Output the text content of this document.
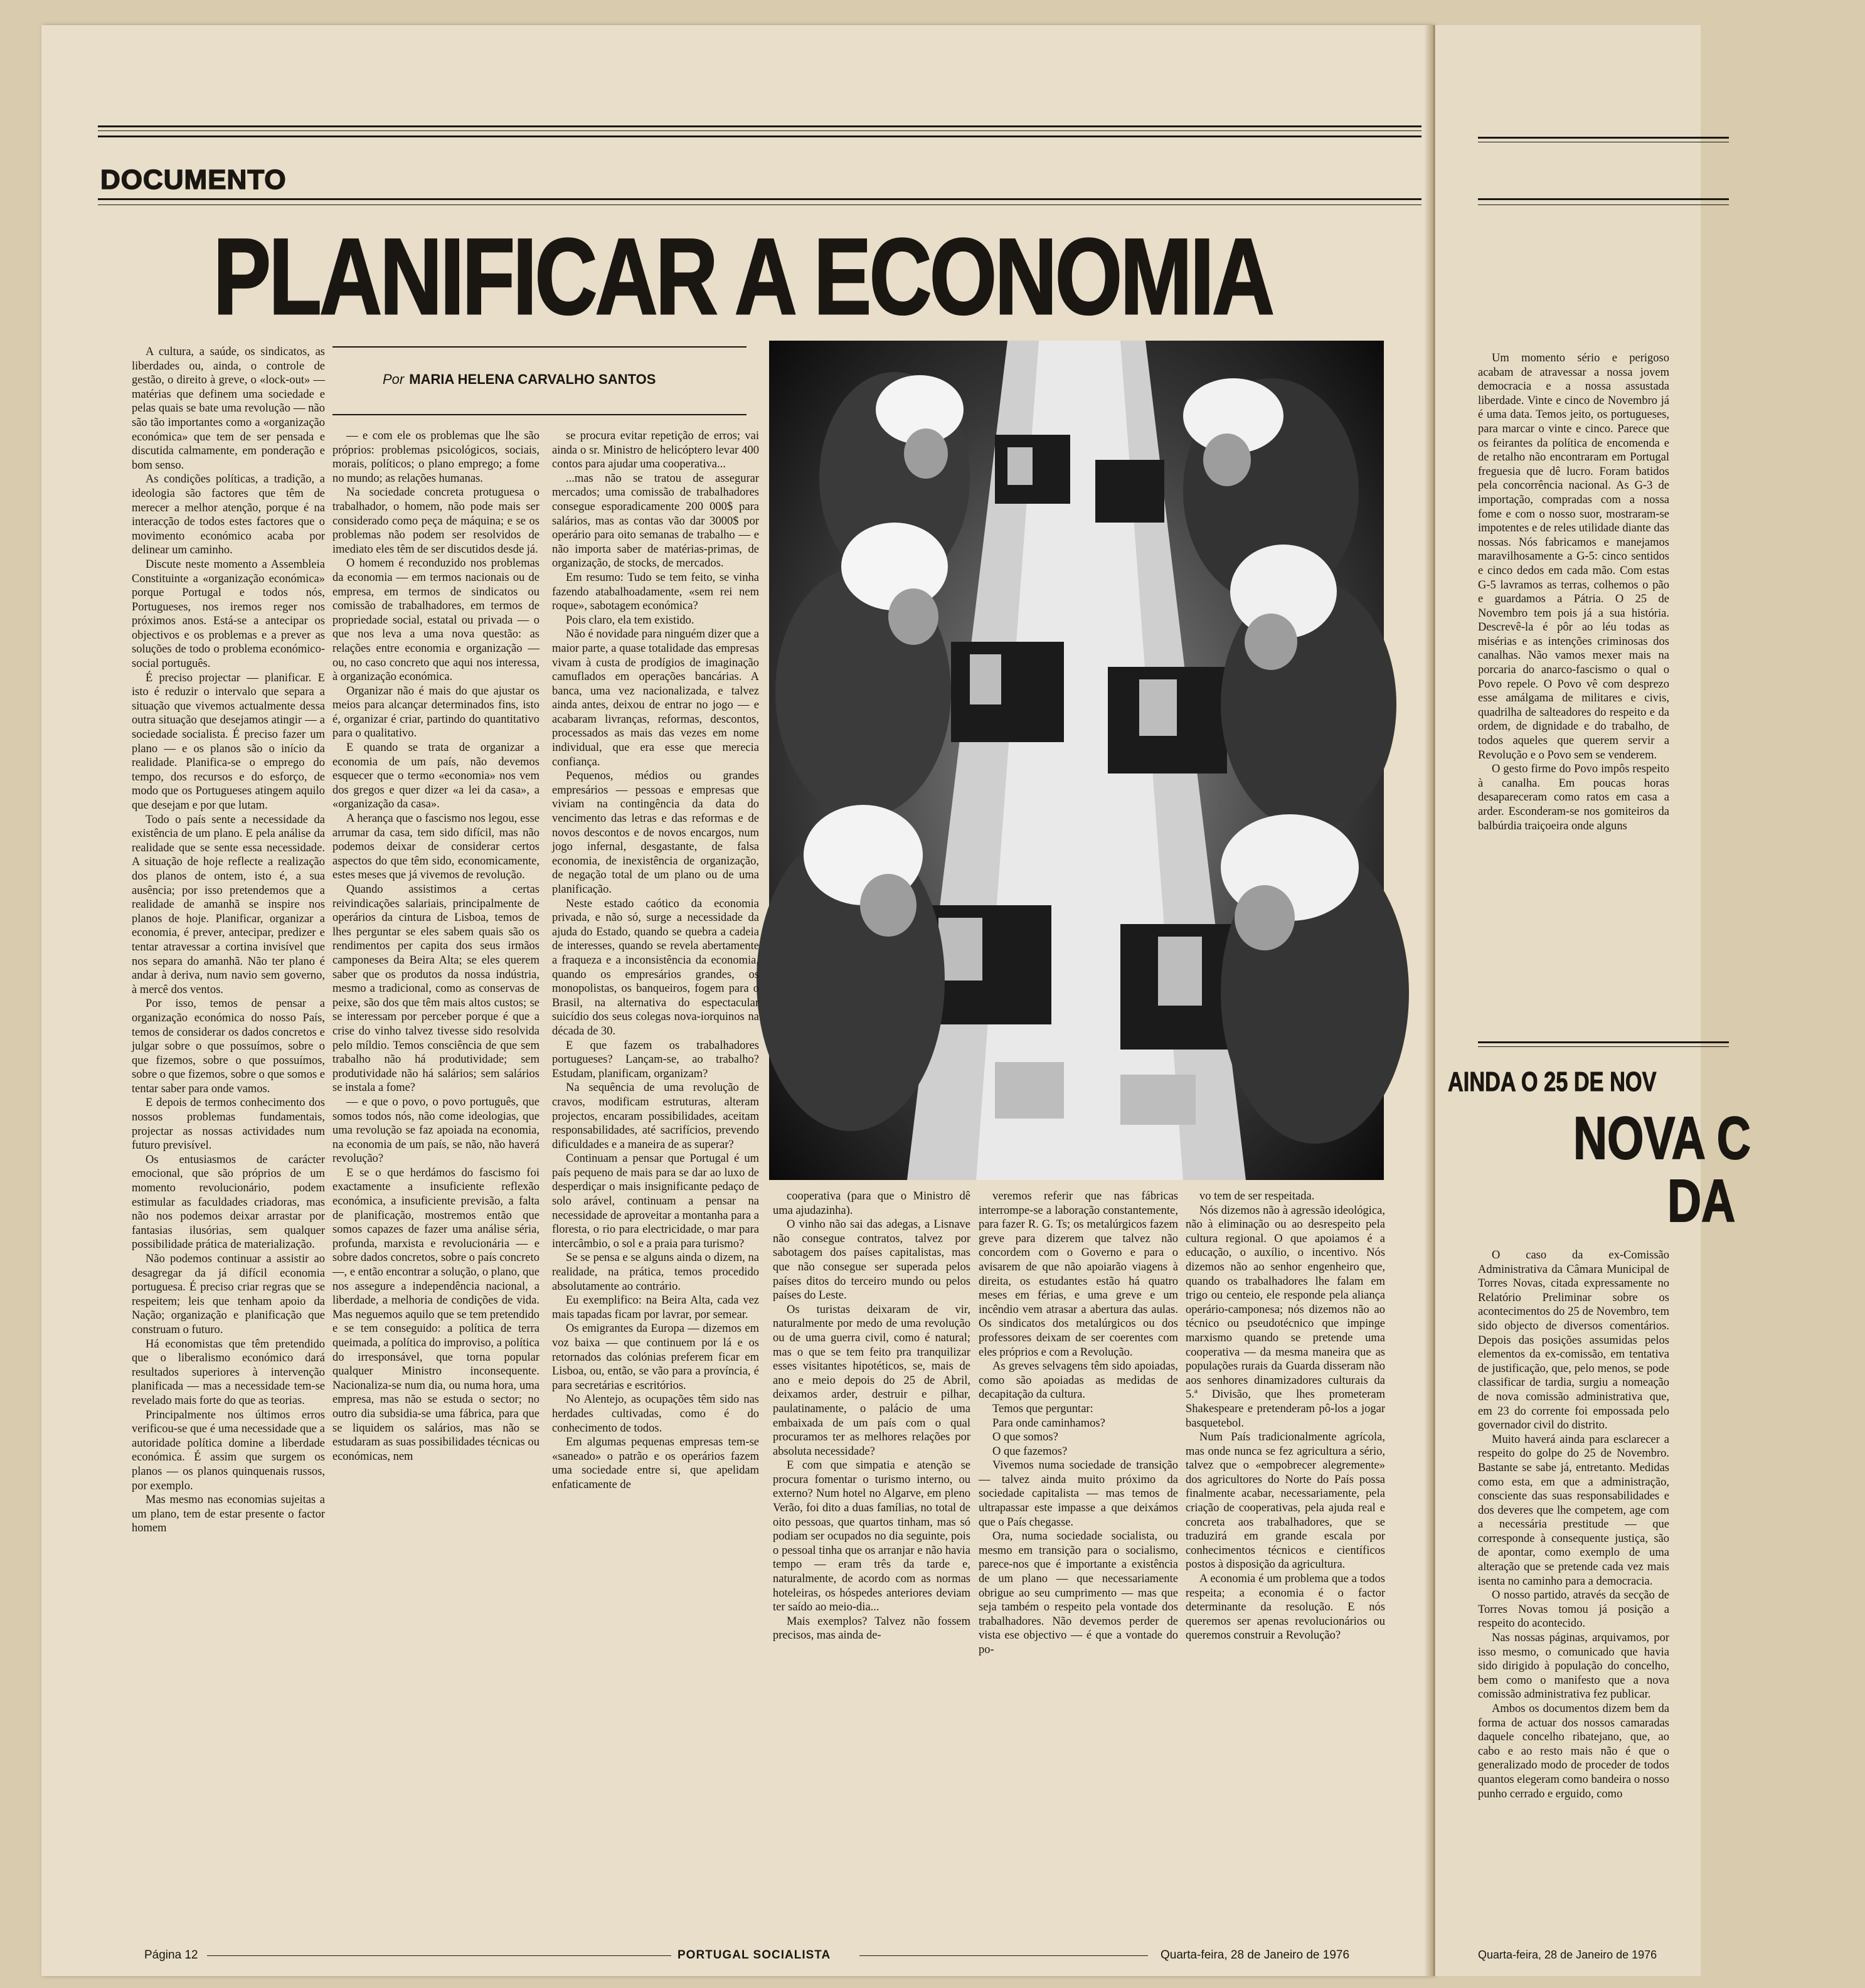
DOCUMENTO
PLANIFICAR A ECONOMIA
Por MARIA HELENA CARVALHO SANTOS

A cultura, a saúde, os sindicatos, as liberdades ou, ainda, o controle de gestão, o direito à greve, o «lock-out» — matérias que definem uma sociedade e pelas quais se bate uma revolução — não são tão importantes como a «organização económica» que tem de ser pensada e discutida calmamente, em ponderação e bom senso.

As condições políticas, a tradição, a ideologia são factores que têm de merecer a melhor atenção, porque é na interacção de todos estes factores que o movimento económico acaba por delinear um caminho.

Discute neste momento a Assembleia Constituinte a «organização económica» porque Portugal e todos nós, Portugueses, nos iremos reger nos próximos anos. Está-se a antecipar os objectivos e os problemas e a prever as soluções de todo o problema económico-social português.

É preciso projectar — planificar. E isto é reduzir o intervalo que separa a situação que vivemos actualmente dessa outra situação que desejamos atingir — a sociedade socialista. É preciso fazer um plano — e os planos são o início da realidade. Planifica-se o emprego do tempo, dos recursos e do esforço, de modo que os Portugueses atingem aquilo que desejam e por que lutam.

Todo o país sente a necessidade da existência de um plano. E pela análise da realidade que se sente essa necessidade. A situação de hoje reflecte a realização dos planos de ontem, isto é, a sua ausência; por isso pretendemos que a realidade de amanhã se inspire nos planos de hoje. Planificar, organizar a economia, é prever, antecipar, predizer e tentar atravessar a cortina invisível que nos separa do amanhã. Não ter plano é andar à deriva, num navio sem governo, à mercê dos ventos.

Por isso, temos de pensar a organização económica do nosso País, temos de considerar os dados concretos e julgar sobre o que possuímos, sobre o que fizemos, sobre o que possuímos, sobre o que fizemos, sobre o que somos e tentar saber para onde vamos.

E depois de termos conhecimento dos nossos problemas fundamentais, projectar as nossas actividades num futuro previsível.

Os entusiasmos de carácter emocional, que são próprios de um momento revolucionário, podem estimular as faculdades criadoras, mas não nos podemos deixar arrastar por fantasias ilusórias, sem qualquer possibilidade prática de materialização.

Não podemos continuar a assistir ao desagregar da já difícil economia portuguesa. É preciso criar regras que se respeitem; leis que tenham apoio da Nação; organização e planificação que construam o futuro.

Há economistas que têm pretendido que o liberalismo económico dará resultados superiores à intervenção planificada — mas a necessidade tem-se revelado mais forte do que as teorias.

Principalmente nos últimos erros verificou-se que é uma necessidade que a autoridade política domine a liberdade económica. É assim que surgem os planos — os planos quinquenais russos, por exemplo.

Mas mesmo nas economias sujeitas a um plano, tem de estar presente o factor homem

— e com ele os problemas que lhe são próprios: problemas psicológicos, sociais, morais, políticos; o plano emprego; a fome no mundo; as relações humanas.

Na sociedade concreta protuguesa o trabalhador, o homem, não pode mais ser considerado como peça de máquina; e se os problemas não podem ser resolvidos de imediato eles têm de ser discutidos desde já.

O homem é reconduzido nos problemas da economia — em termos nacionais ou de empresa, em termos de sindicatos ou comissão de trabalhadores, em termos de propriedade social, estatal ou privada — o que nos leva a uma nova questão: as relações entre economia e organização — ou, no caso concreto que aqui nos interessa, à organização económica.

Organizar não é mais do que ajustar os meios para alcançar determinados fins, isto é, organizar é criar, partindo do quantitativo para o qualitativo.

E quando se trata de organizar a economia de um país, não devemos esquecer que o termo «economia» nos vem dos gregos e quer dizer «a lei da casa», a «organização da casa».

A herança que o fascismo nos legou, esse arrumar da casa, tem sido difícil, mas não podemos deixar de considerar certos aspectos do que têm sido, economicamente, estes meses que já vivemos de revolução.

Quando assistimos a certas reivindicações salariais, principalmente de operários da cintura de Lisboa, temos de lhes perguntar se eles sabem quais são os rendimentos per capita dos seus irmãos camponeses da Beira Alta; se eles querem saber que os produtos da nossa indústria, mesmo a tradicional, como as conservas de peixe, são dos que têm mais altos custos; se se interessam por perceber porque é que a crise do vinho talvez tivesse sido resolvida pelo míldio. Temos consciência de que sem trabalho não há produtividade; sem produtividade não há salários; sem salários se instala a fome?

— e que o povo, o povo português, que somos todos nós, não come ideologias, que uma revolução se faz apoiada na economia, na economia de um país, se não, não haverá revolução?

E se o que herdámos do fascismo foi exactamente a insuficiente reflexão económica, a insuficiente previsão, a falta de planificação, mostremos então que somos capazes de fazer uma análise séria, profunda, marxista e revolucionária — e sobre dados concretos, sobre o país concreto —, e então encontrar a solução, o plano, que nos assegure a independência nacional, a liberdade, a melhoria de condições de vida. Mas neguemos aquilo que se tem pretendido e se tem conseguido: a política de terra queimada, a política do improviso, a política do irresponsável, que torna popular qualquer Ministro inconsequente. Nacionaliza-se num dia, ou numa hora, uma empresa, mas não se estuda o sector; no outro dia subsidia-se uma fábrica, para que se liquidem os salários, mas não se estudaram as suas possibilidades técnicas ou económicas, nem

se procura evitar repetição de erros; vai ainda o sr. Ministro de helicóptero levar 400 contos para ajudar uma cooperativa...

...mas não se tratou de assegurar mercados; uma comissão de trabalhadores consegue esporadicamente 200 000$ para salários, mas as contas vão dar 3000$ por operário para oito semanas de trabalho — e não importa saber de matérias-primas, de organização, de stocks, de mercados.

Em resumo: Tudo se tem feito, se vinha fazendo atabalhoadamente, «sem rei nem roque», sabotagem económica?

Pois claro, ela tem existido.

Não é novidade para ninguém dizer que a maior parte, a quase totalidade das empresas vivam à custa de prodígios de imaginação camuflados em operações bancárias. A banca, uma vez nacionalizada, e talvez ainda antes, deixou de entrar no jogo — e acabaram livranças, reformas, descontos, processados as mais das vezes em nome individual, que era esse que merecia confiança.

Pequenos, médios ou grandes empresários — pessoas e empresas que viviam na contingência da data do vencimento das letras e das reformas e de novos descontos e de novos encargos, num jogo infernal, desgastante, de falsa economia, de inexistência de organização, de negação total de um plano ou de uma planificação.

Neste estado caótico da economia privada, e não só, surge a necessidade da ajuda do Estado, quando se quebra a cadeia de interesses, quando se revela abertamente a fraqueza e a inconsistência da economia, quando os empresários grandes, os monopolistas, os banqueiros, fogem para o Brasil, na alternativa do espectacular suicídio dos seus colegas nova-iorquinos na década de 30.

E que fazem os trabalhadores portugueses? Lançam-se, ao trabalho? Estudam, planificam, organizam?

Na sequência de uma revolução de cravos, modificam estruturas, alteram projectos, encaram possibilidades, aceitam responsabilidades, até sacrifícios, prevendo dificuldades e a maneira de as superar?

Continuam a pensar que Portugal é um país pequeno de mais para se dar ao luxo de desperdiçar o mais insignificante pedaço de solo arável, continuam a pensar na necessidade de aproveitar a montanha para a floresta, o rio para electricidade, o mar para intercâmbio, o sol e a praia para turismo?

Se se pensa e se alguns ainda o dizem, na realidade, na prática, temos procedido absolutamente ao contrário.

Eu exemplifico: na Beira Alta, cada vez mais tapadas ficam por lavrar, por semear.

Os emigrantes da Europa — dizemos em voz baixa — que continuem por lá e os retornados das colónias preferem ficar em Lisboa, ou, então, se vão para a província, é para secretárias e escritórios.

No Alentejo, as ocupações têm sido nas herdades cultivadas, como é do conhecimento de todos.

Em algumas pequenas empresas tem-se «saneado» o patrão e os operários fazem uma sociedade entre si, que apelidam enfaticamente de

cooperativa (para que o Ministro dê uma ajudazinha).

O vinho não sai das adegas, a Lisnave não consegue contratos, talvez por sabotagem dos países capitalistas, mas que não consegue ser superada pelos países ditos do terceiro mundo ou pelos países do Leste.

Os turistas deixaram de vir, naturalmente por medo de uma revolução ou de uma guerra civil, como é natural; mas o que se tem feito pra tranquilizar esses visitantes hipotéticos, se, mais de ano e meio depois do 25 de Abril, deixamos arder, destruir e pilhar, paulatinamente, o palácio de uma embaixada de um país com o qual procuramos ter as melhores relações por absoluta necessidade?

E com que simpatia e atenção se procura fomentar o turismo interno, ou externo? Num hotel no Algarve, em pleno Verão, foi dito a duas famílias, no total de oito pessoas, que quartos tinham, mas só podiam ser ocupados no dia seguinte, pois o pessoal tinha que os arranjar e não havia tempo — eram três da tarde e, naturalmente, de acordo com as normas hoteleiras, os hóspedes anteriores deviam ter saído ao meio-dia...

Mais exemplos? Talvez não fossem precisos, mas ainda de-

veremos referir que nas fábricas interrompe-se a laboração constantemente, para fazer R. G. Ts; os metalúrgicos fazem greve para dizerem que talvez não concordem com o Governo e para o avisarem de que não apoiarão viagens à direita, os estudantes estão há quatro meses em férias, e uma greve e um incêndio vem atrasar a abertura das aulas. Os sindicatos dos metalúrgicos ou dos professores deixam de ser coerentes com eles próprios e com a Revolução.

As greves selvagens têm sido apoiadas, como são apoiadas as medidas de decapitação da cultura.

Temos que perguntar:

Para onde caminhamos?

O que somos?

O que fazemos?

Vivemos numa sociedade de transição — talvez ainda muito próximo da sociedade capitalista — mas temos de ultrapassar este impasse a que deixámos que o País chegasse.

Ora, numa sociedade socialista, ou mesmo em transição para o socialismo, parece-nos que é importante a existência de um plano — que necessariamente obrigue ao seu cumprimento — mas que seja também o respeito pela vontade dos trabalhadores. Não devemos perder de vista ese objectivo — é que a vontade do po-

vo tem de ser respeitada.

Nós dizemos não à agressão ideológica, não à eliminação ou ao desrespeito pela cultura regional. O que apoiamos é a educação, o auxílio, o incentivo. Nós dizemos não ao senhor engenheiro que, quando os trabalhadores lhe falam em trigo ou centeio, ele responde pela aliança operário-camponesa; nós dizemos não ao técnico ou pseudotécnico que impinge marxismo quando se pretende uma cooperativa — da mesma maneira que as populações rurais da Guarda disseram não aos senhores dinamizadores culturais da 5.ª Divisão, que lhes prometeram Shakespeare e pretenderam pô-los a jogar basquetebol.

Num País tradicionalmente agrícola, mas onde nunca se fez agricultura a sério, talvez que o «empobrecer alegremente» dos agricultores do Norte do País possa finalmente acabar, necessariamente, pela criação de cooperativas, pela ajuda real e concreta aos trabalhadores, que se traduzirá em grande escala por conhecimentos técnicos e científicos postos à disposição da agricultura.

A economia é um problema que a todos respeita; a economia é o factor determinante da resolução. E nós queremos ser apenas revolucionários ou queremos construir a Revolução?

Página 12	PORTUGAL SOCIALISTA	Quarta-feira, 28 de Janeiro de 1976

Um momento sério e perigoso acabam de atravessar a nossa jovem democracia e a nossa assustada liberdade. Vinte e cinco de Novembro já é uma data. Temos jeito, os portugueses, para marcar o vinte e cinco. Parece que os feirantes da política de encomenda e de retalho não encontraram em Portugal freguesia que dê lucro. Foram batidos pela concorrência nacional. As G-3 de importação, compradas com a nossa fome e com o nosso suor, mostraram-se impotentes e de reles utilidade diante das nossas. Nós fabricamos e manejamos maravilhosamente a G-5: cinco sentidos e cinco dedos em cada mão. Com estas G-5 lavramos as terras, colhemos o pão e guardamos a Pátria. O 25 de Novembro tem pois já a sua história. Descrevê-la é pôr ao léu todas as misérias e as intenções criminosas dos canalhas. Não vamos mexer mais na porcaria do anarco-fascismo o qual o Povo repele. O Povo vê com desprezo esse amálgama de militares e civis, quadrilha de salteadores do respeito e da ordem, de dignidade e do trabalho, de todos aqueles que querem servir a Revolução e o Povo sem se venderem.

O gesto firme do Povo impôs respeito à canalha. Em poucas horas desapareceram como ratos em casa a arder. Esconderam-se nos gomiteiros da balbúrdia traiçoeira onde alguns

AINDA O 25 DE NOV
NOVA C
DA

O caso da ex-Comissão Administrativa da Câmara Municipal de Torres Novas, citada expressamente no Relatório Preliminar sobre os acontecimentos do 25 de Novembro, tem sido objecto de diversos comentários. Depois das posições assumidas pelos elementos da ex-comissão, em tentativa de justificação, que, pelo menos, se pode classificar de tardia, surgiu a nomeação de nova comissão administrativa que, em 23 do corrente foi empossada pelo governador civil do distrito.

Muito haverá ainda para esclarecer a respeito do golpe do 25 de Novembro. Bastante se sabe já, entretanto. Medidas como esta, em que a administração, consciente das suas responsabilidades e dos deveres que lhe competem, age com a necessária prestitude — que corresponde à consequente justiça, são de apontar, como exemplo de uma alteração que se pretende cada vez mais isenta no caminho para a democracia.

O nosso partido, através da secção de Torres Novas tomou já posição a respeito do acontecido.

Nas nossas páginas, arquivamos, por isso mesmo, o comunicado que havia sido dirigido à população do concelho, bem como o manifesto que a nova comissão administrativa fez publicar.

Ambos os documentos dizem bem da forma de actuar dos nossos camaradas daquele concelho ribatejano, que, ao cabo e ao resto mais não é que o generalizado modo de proceder de todos quantos elegeram como bandeira o nosso punho cerrado e erguido, como

Quarta-feira, 28 de Janeiro de 1976
